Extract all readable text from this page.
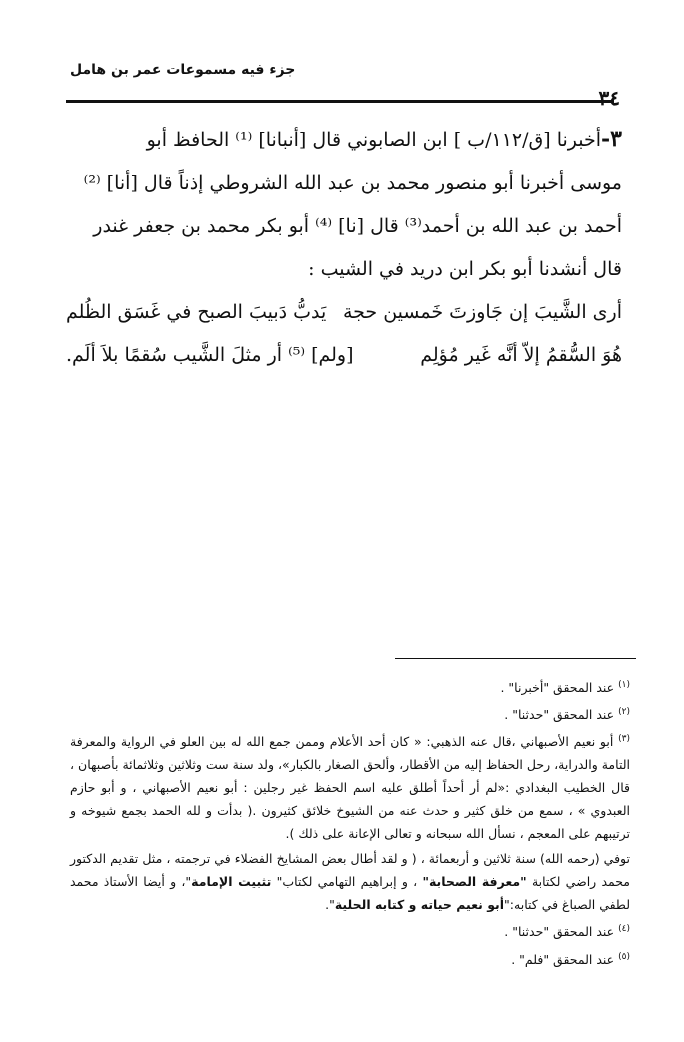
جزء فيه مسموعات عمر بن هامل
٣٤

٣-أخبرنا [ق/١١٢/ب ] ابن الصابوني قال [أنبانا] ⁽¹⁾ الحافظ أبو

موسى أخبرنا أبو منصور محمد بن عبد الله الشروطي إذناً قال [أنا] ⁽²⁾

أحمد بن عبد الله بن أحمد⁽³⁾ قال [نا] ⁽⁴⁾ أبو بكر محمد بن جعفر غندر

قال أنشدنا أبو بكر ابن دريد في الشيب :

أرى الشَّيبَ إن جَاوزتَ خَمسين حجة
يَدبُّ دَبيبَ الصبح في غَسَق الظُلم
هُوَ السُّقمُ إلاّ أنَّه غَير مُؤلِم
[ولم] ⁽⁵⁾ أر مثلَ الشَّيب سُقمًا بلاَ ألَم.

$^{(١)}$ عند المحقق "أخبرنا" .

$^{(٢)}$ عند المحقق "حدثنا" .

$^{(٣)}$ أبو نعيم الأصبهاني ،قال عنه الذهبي: « كان أحد الأعلام وممن جمع الله له بين العلو في الرواية والمعرفة التامة والدراية، رحل الحفاظ إليه من الأقطار، وألحق الصغار بالكبار»، ولد سنة ست وثلاثين وثلاثمائة بأصبهان ، قال الخطيب البغدادي :«لم أر أحداً أطلق عليه اسم الحفظ غير رجلين : أبو نعيم الأصبهاني ، و أبو حازم العبدوي » ، سمع من خلق كثير و حدث عنه من الشيوخ خلائق كثيرون .( بدأت و لله الحمد بجمع شيوخه و ترتيبهم على المعجم ، نسأل الله سبحانه و تعالى الإعانة على ذلك ).

توفي (رحمه الله) سنة ثلاثين و أربعمائة ، ( و لقد أطال بعض المشايخ الفضلاء في ترجمته ، مثل تقديم الدكتور محمد راضي لكتابة "معرفة الصحابة" ، و إبراهيم التهامي لكتاب" تثبيت الإمامة"، و أيضا الأستاذ محمد لطفي الصباغ في كتابه:"أبو نعيم حياته و كتابه الحلية".

$^{(٤)}$ عند المحقق "حدثنا" .

$^{(٥)}$ عند المحقق "فلم" .
